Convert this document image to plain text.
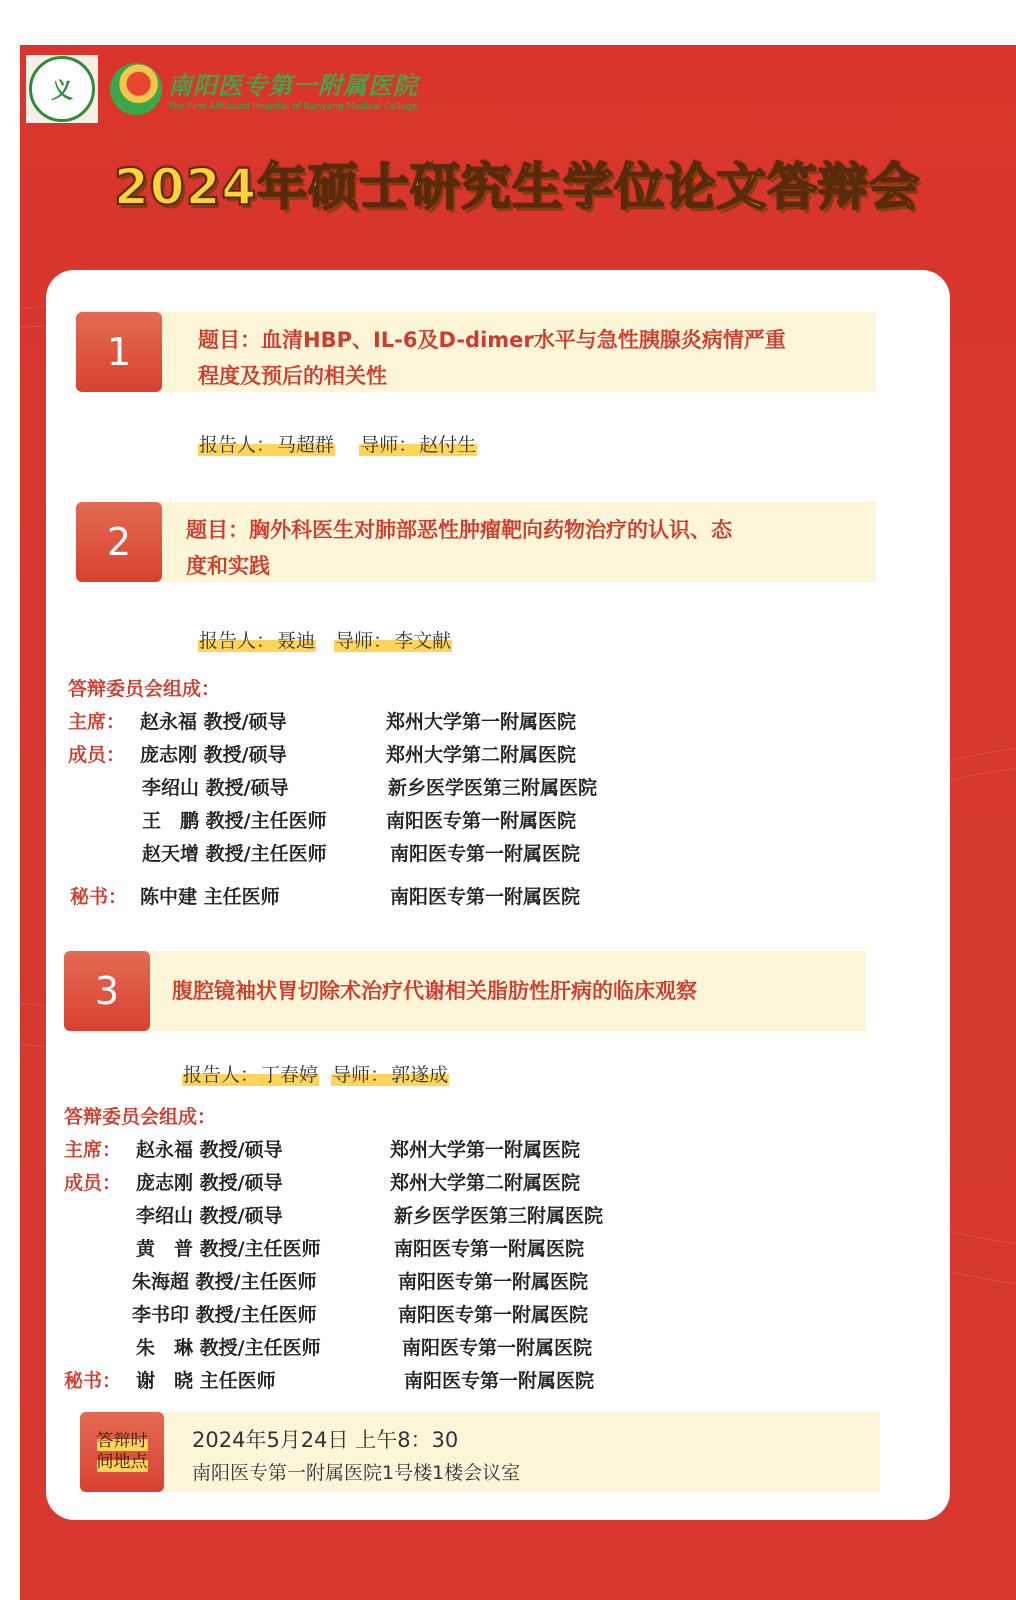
义	南阳医专第一附属医院
The First Affiliated Hospital of Nanyang Medical College
2024年硕士研究生学位论文答辩会
1	题目：血清HBP、IL-6及D-dimer水平与急性胰腺炎病情严重
程度及预后的相关性
报告人： 马超群 导师： 赵付生
2	题目：胸外科医生对肺部恶性肿瘤靶向药物治疗的认识、态
度和实践
报告人： 聂迪 导师： 李文献
答辩委员会组成：
主席： 赵永福 教授/硕导	郑州大学第一附属医院
成员： 庞志刚 教授/硕导	郑州大学第二附属医院
李绍山 教授/硕导	新乡医学医第三附属医院
王　鹏 教授/主任医师	南阳医专第一附属医院
赵天增 教授/主任医师	南阳医专第一附属医院
秘书： 陈中建 主任医师	南阳医专第一附属医院
3	腹腔镜袖状胃切除术治疗代谢相关脂肪性肝病的临床观察
报告人： 丁春婷 导师： 郭遂成
答辩委员会组成：
主席： 赵永福 教授/硕导	郑州大学第一附属医院
成员： 庞志刚 教授/硕导	郑州大学第二附属医院
李绍山 教授/硕导	新乡医学医第三附属医院
黄　普 教授/主任医师	南阳医专第一附属医院
朱海超 教授/主任医师	南阳医专第一附属医院
李书印 教授/主任医师	南阳医专第一附属医院
朱　琳 教授/主任医师	南阳医专第一附属医院
秘书： 谢　晓 主任医师	南阳医专第一附属医院
答辩时
间地点
2024年5月24日 上午8：30
南阳医专第一附属医院1号楼1楼会议室
